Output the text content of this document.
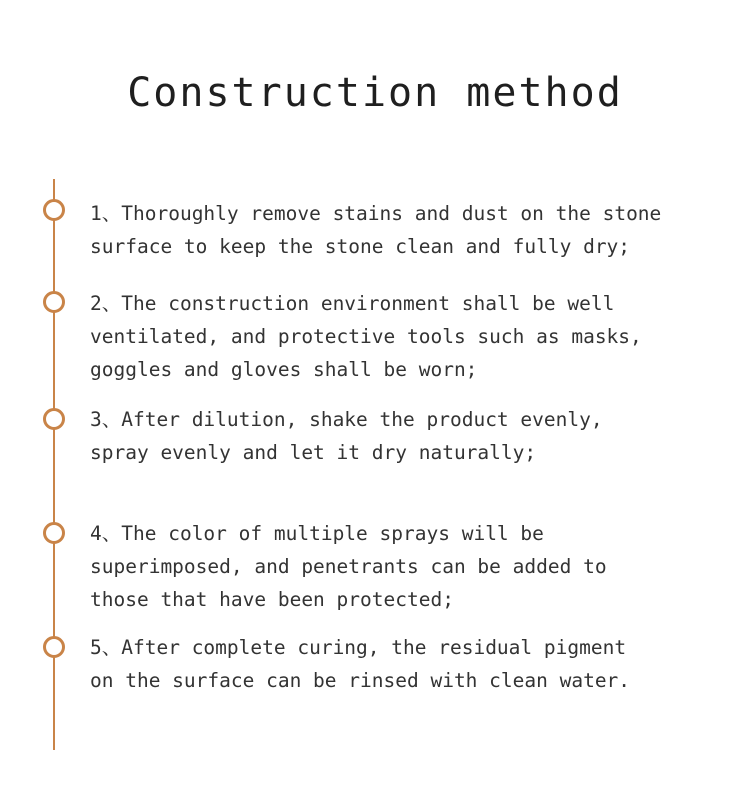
Construction method
1、Thoroughly remove stains and dust on the stone
surface to keep the stone clean and fully dry;
2、The construction environment shall be well
ventilated, and protective tools such as masks,
goggles and gloves shall be worn;
3、After dilution, shake the product evenly,
spray evenly and let it dry naturally;
4、The color of multiple sprays will be
superimposed, and penetrants can be added to
those that have been protected;
5、After complete curing, the residual pigment
on the surface can be rinsed with clean water.
